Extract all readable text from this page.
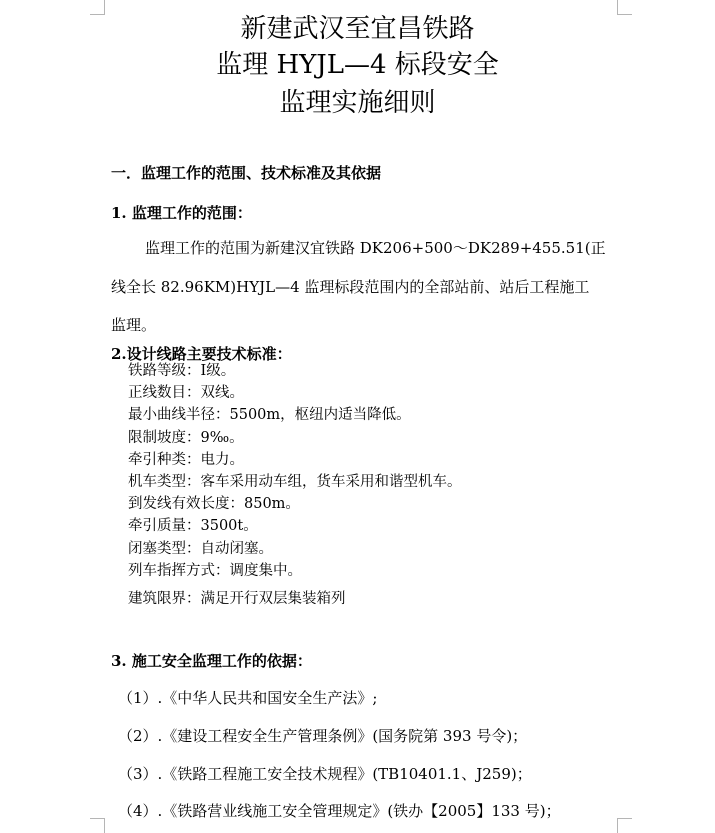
新建武汉至宜昌铁路
监理 HYJL—4 标段安全
监理实施细则
一．监理工作的范围、技术标准及其依据
1. 监理工作的范围：
监理工作的范围为新建汉宜铁路 DK206+500～DK289+455.51(正
线全长 82.96KM)HYJL—4 监理标段范围内的全部站前、站后工程施工
监理。
2.设计线路主要技术标准：
铁路等级：Ⅰ级。
正线数目：双线。
最小曲线半径：5500m，枢纽内适当降低。
限制坡度：9‰。
牵引种类：电力。
机车类型：客车采用动车组，货车采用和谐型机车。
到发线有效长度：850m。
牵引质量：3500t。
闭塞类型：自动闭塞。
列车指挥方式：调度集中。
建筑限界：满足开行双层集装箱列
3. 施工安全监理工作的依据：
（1）.《中华人民共和国安全生产法》;
（2）.《建设工程安全生产管理条例》(国务院第 393 号令)；
（3）.《铁路工程施工安全技术规程》(TB10401.1、J259)；
（4）.《铁路营业线施工安全管理规定》(铁办【2005】133 号)；
